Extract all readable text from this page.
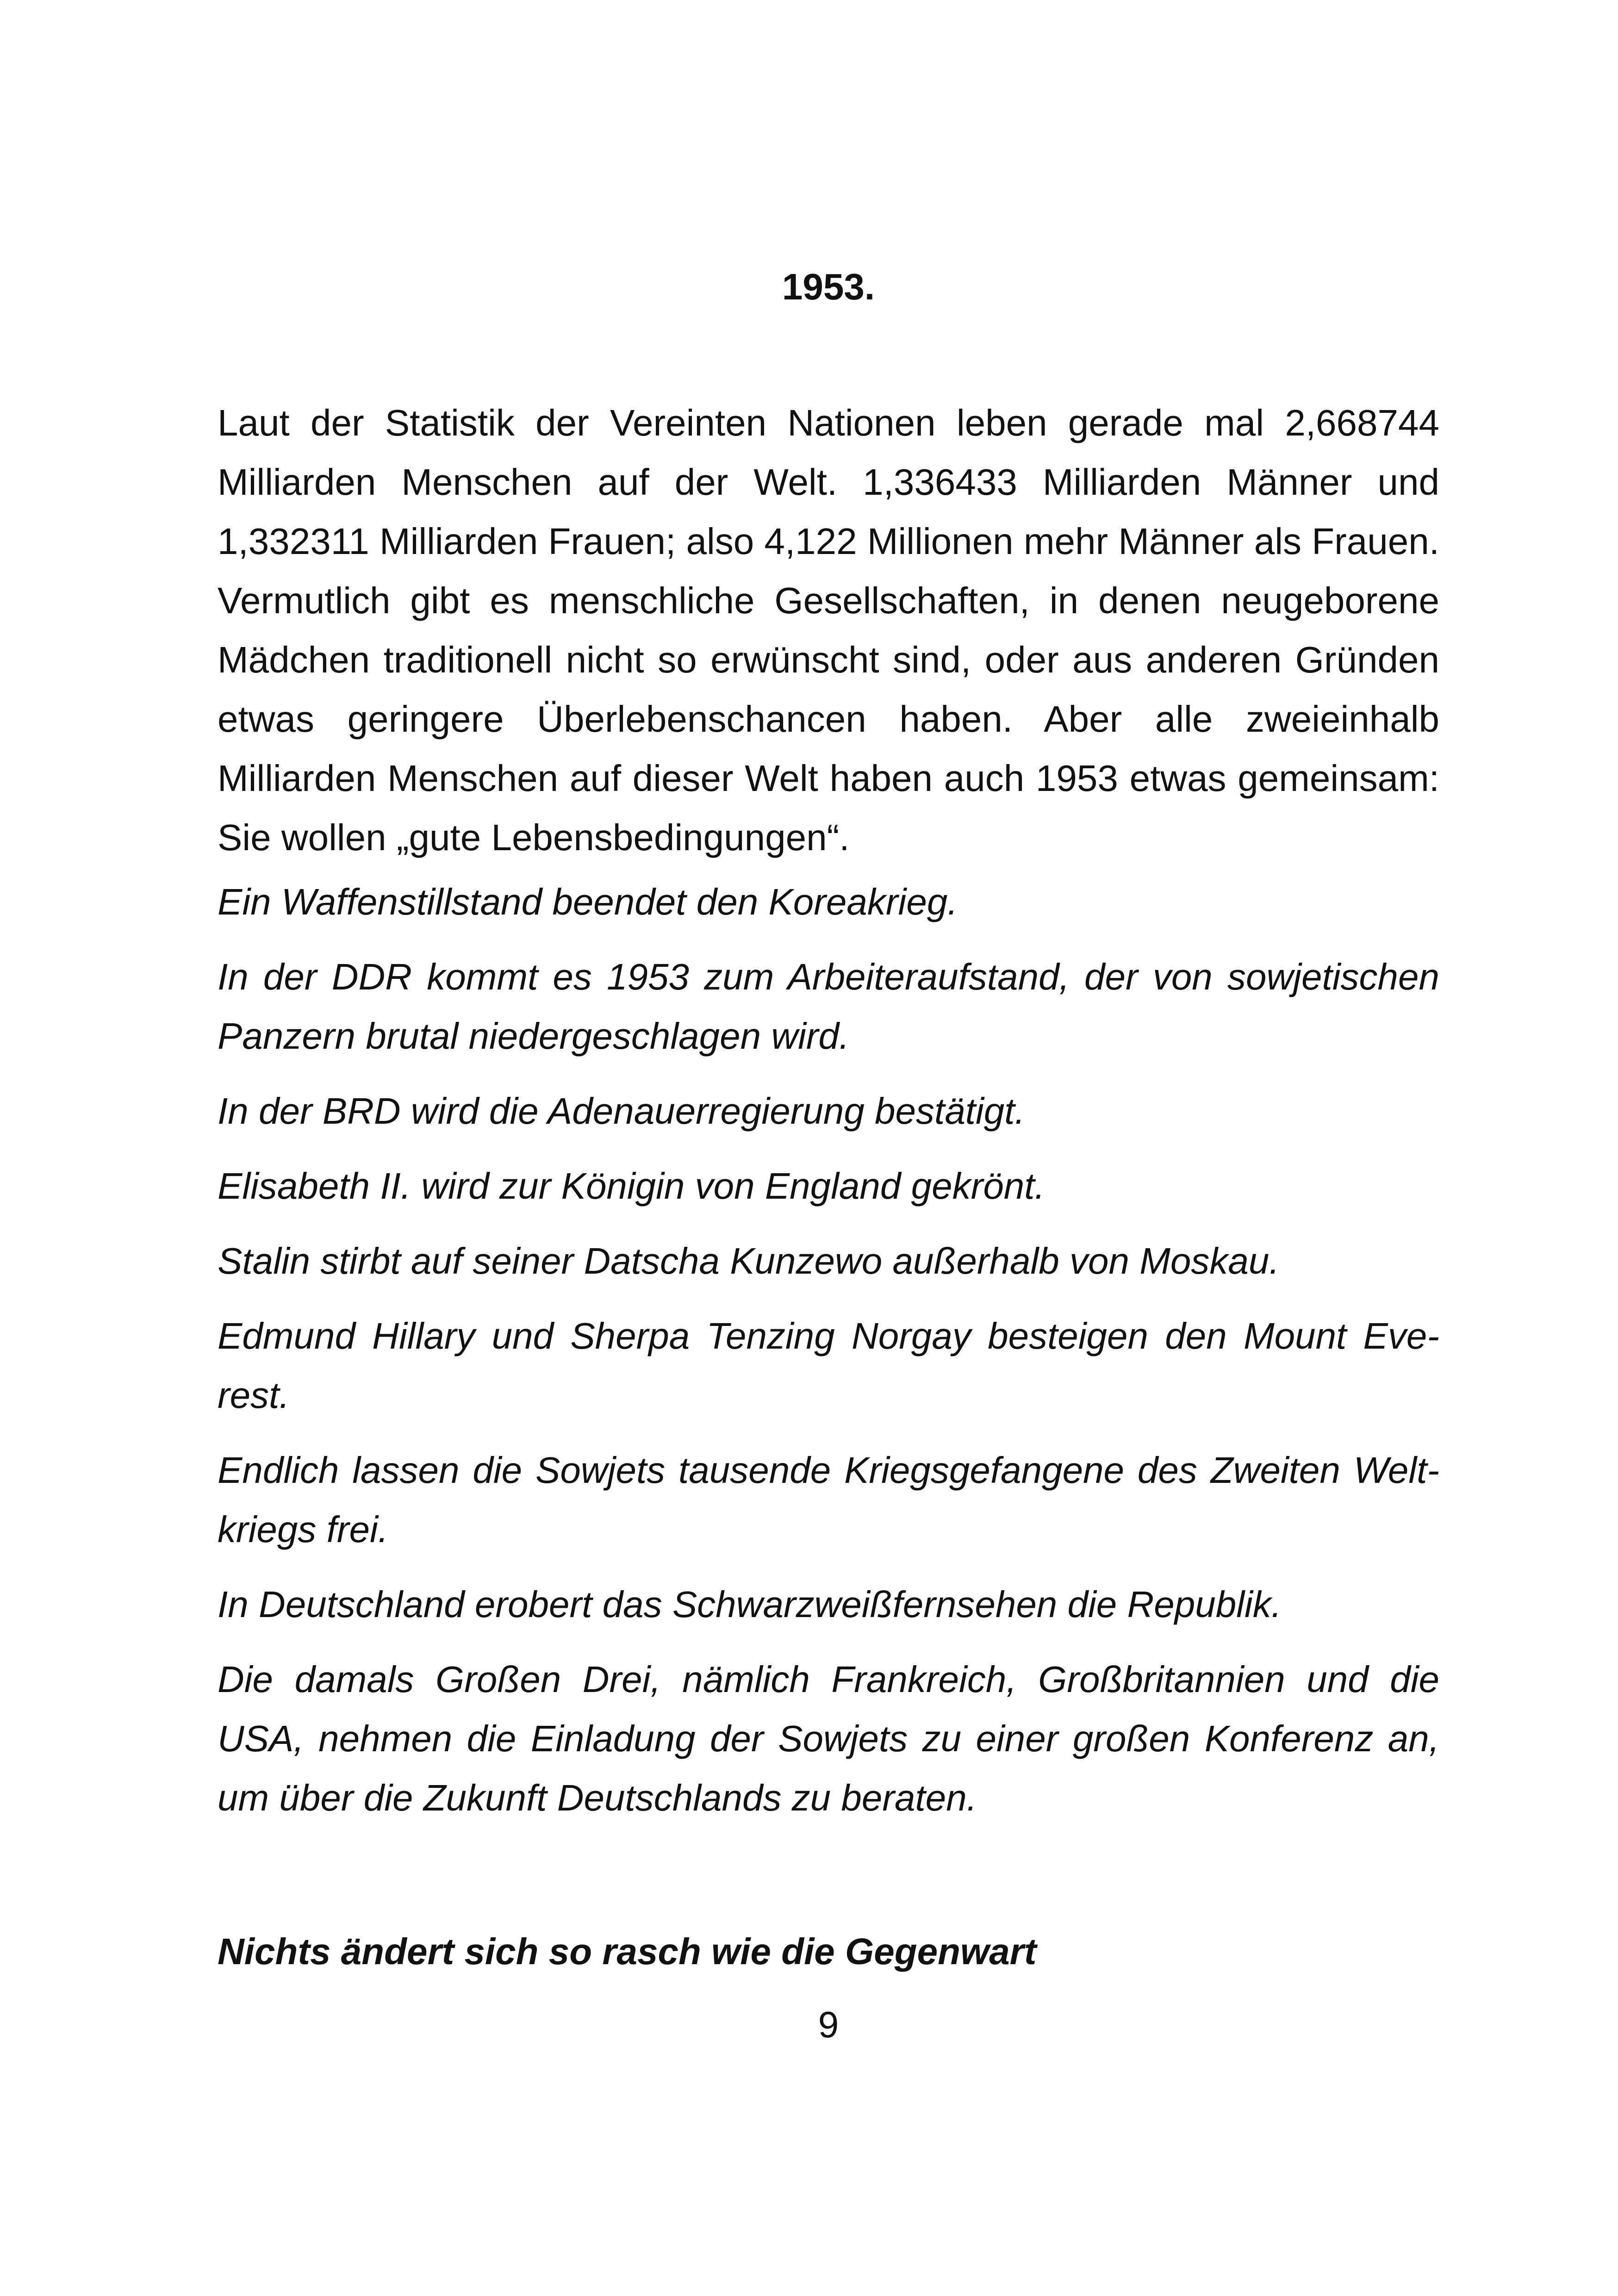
1953.

Laut der Statistik der Vereinten Nationen leben gerade mal 2,668744 Milliarden Menschen auf der Welt. 1,336433 Milliarden Männer und 1,332311 Milliarden Frauen; also 4,122 Millionen mehr Männer als Frauen. Vermutlich gibt es menschliche Gesellschaften, in denen neugeborene Mädchen traditionell nicht so erwünscht sind, oder aus anderen Gründen etwas geringere Überlebenschancen haben. Aber alle zweieinhalb Milliarden Menschen auf dieser Welt haben auch 1953 etwas gemeinsam: Sie wollen „gute Lebensbedingungen“.

Ein Waffenstillstand beendet den Koreakrieg.
In der DDR kommt es 1953 zum Arbeiteraufstand, der von sowjetischen Panzern brutal niedergeschlagen wird.
In der BRD wird die Adenauerregierung bestätigt.
Elisabeth II. wird zur Königin von England gekrönt.
Stalin stirbt auf seiner Datscha Kunzewo außerhalb von Moskau.
Edmund Hillary und Sherpa Tenzing Norgay besteigen den Mount Everest.
Endlich lassen die Sowjets tausende Kriegsgefangene des Zweiten Weltkriegs frei.
In Deutschland erobert das Schwarzweißfernsehen die Republik.
Die damals Großen Drei, nämlich Frankreich, Großbritannien und die USA, nehmen die Einladung der Sowjets zu einer großen Konferenz an, um über die Zukunft Deutschlands zu beraten.
Nichts ändert sich so rasch wie die Gegenwart
9
